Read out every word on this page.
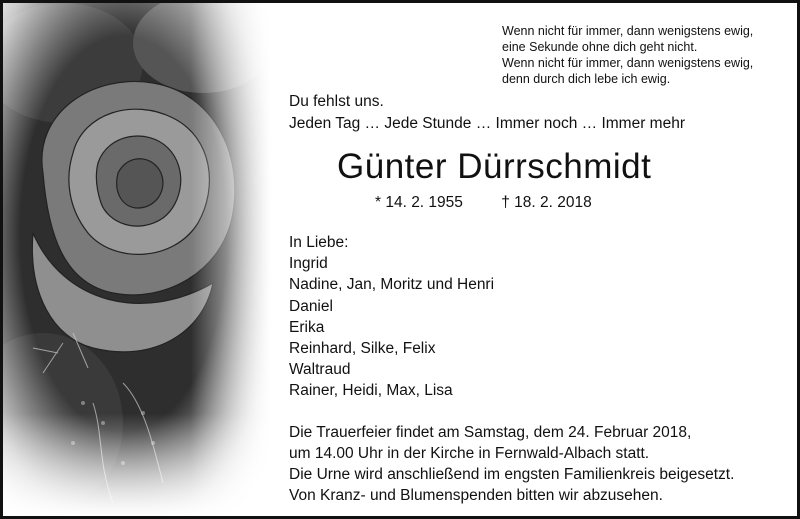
Wenn nicht für immer, dann wenigstens ewig,
eine Sekunde ohne dich geht nicht.
Wenn nicht für immer, dann wenigstens ewig,
denn durch dich lebe ich ewig.
Du fehlst uns.
Jeden Tag … Jede Stunde … Immer noch … Immer mehr
Günter Dürrschmidt
* 14. 2. 1955 † 18. 2. 2018
In Liebe:
Ingrid
Nadine, Jan, Moritz und Henri
Daniel
Erika
Reinhard, Silke, Felix
Waltraud
Rainer, Heidi, Max, Lisa
Die Trauerfeier findet am Samstag, dem 24. Februar 2018,
um 14.00 Uhr in der Kirche in Fernwald-Albach statt.
Die Urne wird anschließend im engsten Familienkreis beigesetzt.
Von Kranz- und Blumenspenden bitten wir abzusehen.
